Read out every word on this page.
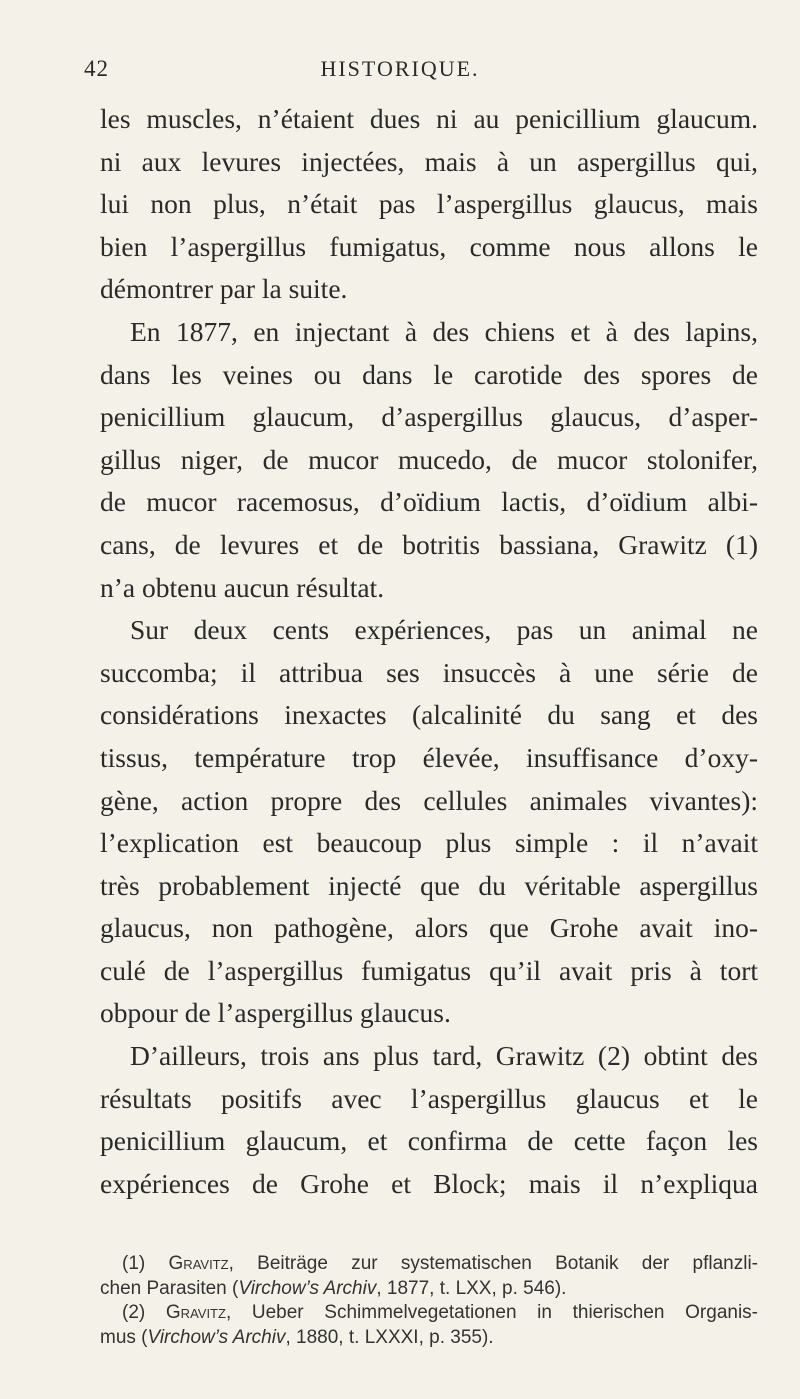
42	HISTORIQUE.
les muscles, n’étaient dues ni au penicillium glaucum.
ni aux levures injectées, mais à un aspergillus qui,
lui non plus, n’était pas l’aspergillus glaucus, mais
bien l’aspergillus fumigatus, comme nous allons le
démontrer par la suite.
En 1877, en injectant à des chiens et à des lapins,
dans les veines ou dans le carotide des spores de
penicillium glaucum, d’aspergillus glaucus, d’asper-
gillus niger, de mucor mucedo, de mucor stolonifer,
de mucor racemosus, d’oïdium lactis, d’oïdium albi-
cans, de levures et de botritis bassiana, Grawitz (1)
n’a obtenu aucun résultat.
Sur deux cents expériences, pas un animal ne
succomba; il attribua ses insuccès à une série de
considérations inexactes (alcalinité du sang et des
tissus, température trop élevée, insuffisance d’oxy-
gène, action propre des cellules animales vivantes):
l’explication est beaucoup plus simple : il n’avait
très probablement injecté que du véritable aspergillus
glaucus, non pathogène, alors que Grohe avait ino-
culé de l’aspergillus fumigatus qu’il avait pris à tort
obpour de l’aspergillus glaucus.
D’ailleurs, trois ans plus tard, Grawitz (2) obtint des
résultats positifs avec l’aspergillus glaucus et le
penicillium glaucum, et confirma de cette façon les
expériences de Grohe et Block; mais il n’expliqua
(1) Gravitz, Beiträge zur systematischen Botanik der pflanzli-
chen Parasiten (Virchow’s Archiv, 1877, t. LXX, p. 546).
(2) Gravitz, Ueber Schimmelvegetationen in thierischen Organis-
mus (Virchow’s Archiv, 1880, t. LXXXI, p. 355).
